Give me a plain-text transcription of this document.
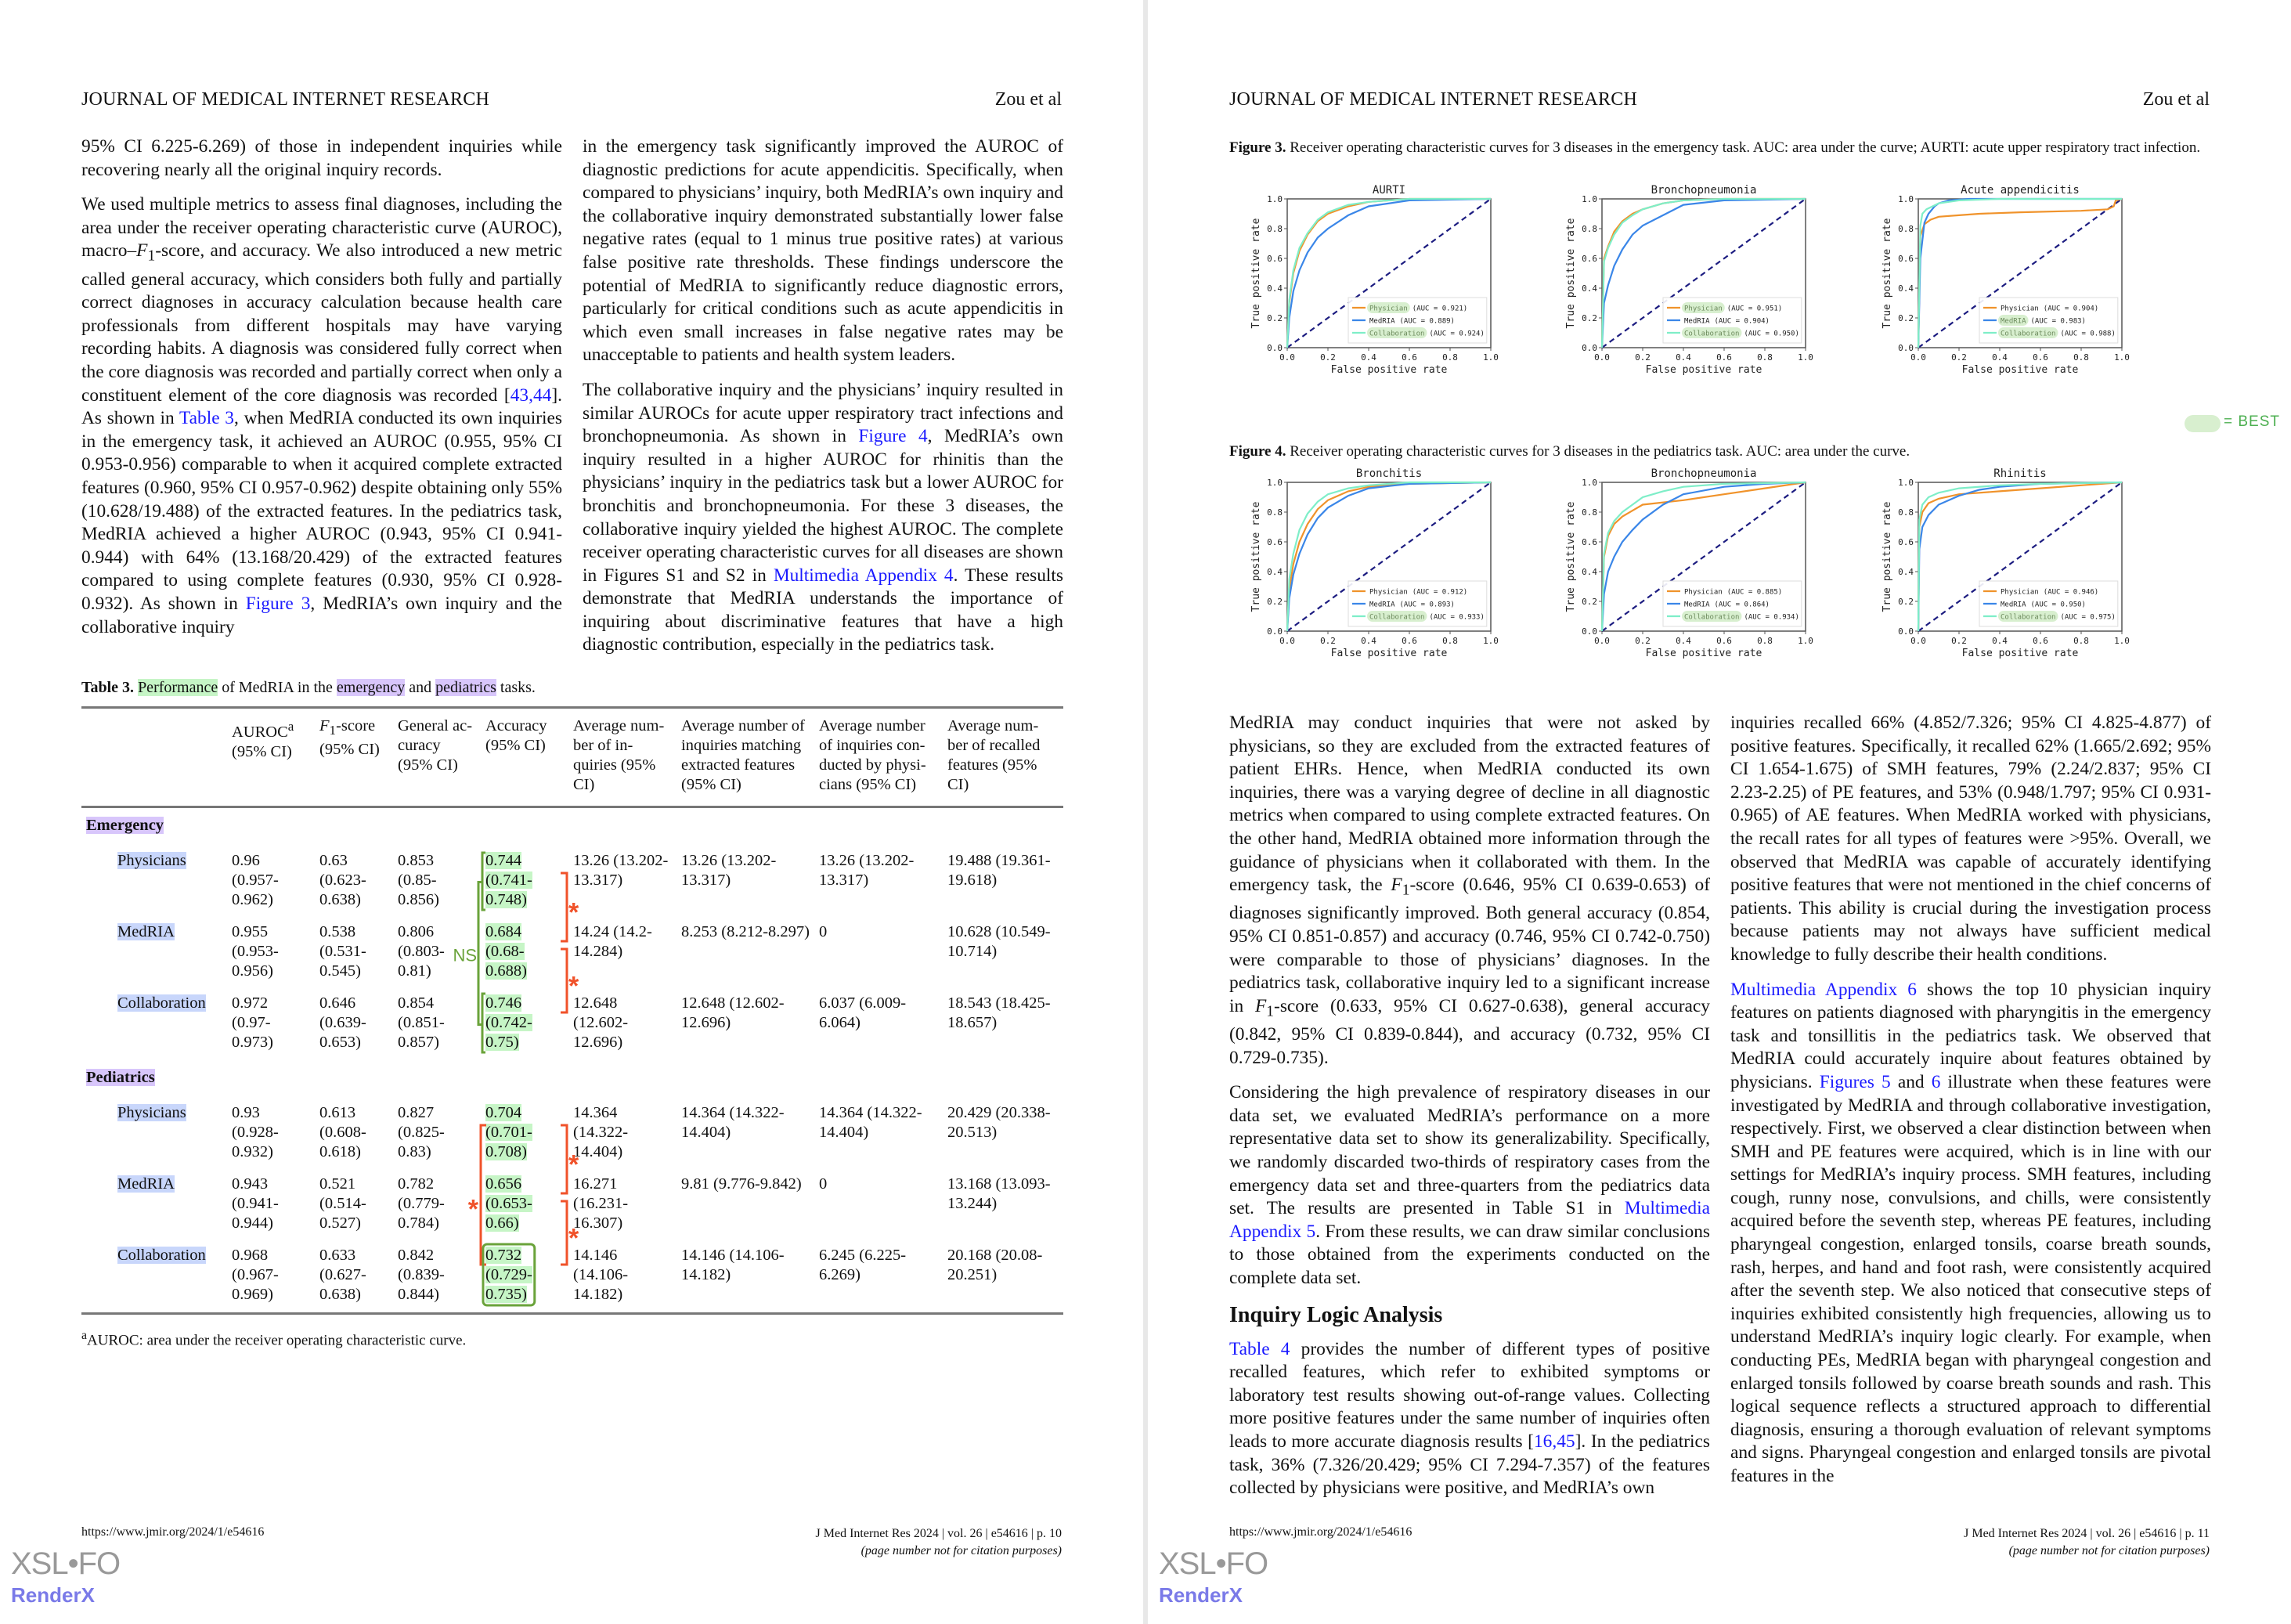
JOURNAL OF MEDICAL INTERNET RESEARCH	Zou et al

95% CI 6.225-6.269) of those in independent inquiries while recovering nearly all the original inquiry records.

We used multiple metrics to assess final diagnoses, including the area under the receiver operating characteristic curve (AUROC), macro–$F_1$-score, and accuracy. We also introduced a new metric called general accuracy, which considers both fully and partially correct diagnoses in accuracy calculation because health care professionals from different hospitals may have varying recording habits. A diagnosis was considered fully correct when the core diagnosis was recorded and partially correct when only a constituent element of the core diagnosis was recorded [43,44]. As shown in Table 3, when MedRIA conducted its own inquiries in the emergency task, it achieved an AUROC (0.955, 95% CI 0.953-0.956) comparable to when it acquired complete extracted features (0.960, 95% CI 0.957-0.962) despite obtaining only 55% (10.628/19.488) of the extracted features. In the pediatrics task, MedRIA achieved a higher AUROC (0.943, 95% CI 0.941-0.944) with 64% (13.168/20.429) of the extracted features compared to using complete features (0.930, 95% CI 0.928-0.932). As shown in Figure 3, MedRIA’s own inquiry and the collaborative inquiry

in the emergency task significantly improved the AUROC of diagnostic predictions for acute appendicitis. Specifically, when compared to physicians’ inquiry, both MedRIA’s own inquiry and the collaborative inquiry demonstrated substantially lower false negative rates (equal to 1 minus true positive rates) at various false positive rate thresholds. These findings underscore the potential of MedRIA to significantly reduce diagnostic errors, particularly for critical conditions such as acute appendicitis in which even small increases in false negative rates may be unacceptable to patients and health system leaders.

The collaborative inquiry and the physicians’ inquiry resulted in similar AUROCs for acute upper respiratory tract infections and bronchopneumonia. As shown in Figure 4, MedRIA’s own inquiry resulted in a higher AUROC for rhinitis than the physicians’ inquiry in the pediatrics task but a lower AUROC for bronchitis and bronchopneumonia. For these 3 diseases, the collaborative inquiry yielded the highest AUROC. The complete receiver operating characteristic curves for all diseases are shown in Figures S1 and S2 in Multimedia Appendix 4. These results demonstrate that MedRIA understands the importance of inquiring about discriminative features that have a high diagnostic contribution, especially in the pediatrics task.

Table 3. Performance of MedRIA in the emergency and pediatrics tasks.
	AUROC$^a$
(95% CI)	$F_1$-score (95% CI)	General ac-curacy (95% CI)	Accuracy (95% CI)	Average num-ber of in-quiries (95% CI)	Average number of inquiries matching extracted features (95% CI)	Average number of inquiries con-ducted by physi-cians (95% CI)	Average num-ber of recalled features (95% CI)
Emergency								
Physicians	0.96 (0.957-0.962)	0.63 (0.623-0.638)	0.853 (0.85-0.856)	0.744 (0.741-0.748)	13.26 (13.202-13.317)	13.26 (13.202-13.317)	13.26 (13.202-13.317)	19.488 (19.361-19.618)
MedRIA	0.955 (0.953-0.956)	0.538 (0.531-0.545)	0.806 (0.803-0.81)	0.684 (0.68-0.688)	14.24 (14.2-14.284)	8.253 (8.212-8.297)	0	10.628 (10.549-10.714)
Collaboration	0.972 (0.97-0.973)	0.646 (0.639-0.653)	0.854 (0.851-0.857)	0.746 (0.742-0.75)	12.648 (12.602-12.696)	12.648 (12.602-12.696)	6.037 (6.009-6.064)	18.543 (18.425-18.657)
Pediatrics								
Physicians	0.93 (0.928-0.932)	0.613 (0.608-0.618)	0.827 (0.825-0.83)	0.704 (0.701-0.708)	14.364 (14.322-14.404)	14.364 (14.322-14.404)	14.364 (14.322-14.404)	20.429 (20.338-20.513)
MedRIA	0.943 (0.941-0.944)	0.521 (0.514-0.527)	0.782 (0.779-0.784)	0.656 (0.653-0.66)	16.271 (16.231-16.307)	9.81 (9.776-9.842)	0	13.168 (13.093-13.244)
Collaboration	0.968 (0.967-0.969)	0.633 (0.627-0.638)	0.842 (0.839-0.844)	0.732 (0.729-0.735)	14.146 (14.106-14.182)	14.146 (14.106-14.182)	6.245 (6.225-6.269)	20.168 (20.08-20.251)
$^a$AUROC: area under the receiver operating characteristic curve.
NS
*
*
*
*
*
https://www.jmir.org/2024/1/e54616	J Med Internet Res 2024 | vol. 26 | e54616 | p. 10
(page number not for citation purposes)
XSL•FO
RenderX
JOURNAL OF MEDICAL INTERNET RESEARCH	Zou et al
Figure 3. Receiver operating characteristic curves for 3 diseases in the emergency task. AUC: area under the curve; AURTI: acute upper respiratory tract infection.
Figure 4. Receiver operating characteristic curves for 3 diseases in the pediatrics task. AUC: area under the curve.

MedRIA may conduct inquiries that were not asked by physicians, so they are excluded from the extracted features of patient EHRs. Hence, when MedRIA conducted its own inquiries, there was a varying degree of decline in all diagnostic metrics when compared to using complete extracted features. On the other hand, MedRIA obtained more information through the guidance of physicians when it collaborated with them. In the emergency task, the $F_1$-score (0.646, 95% CI 0.639-0.653) of diagnoses significantly improved. Both general accuracy (0.854, 95% CI 0.851-0.857) and accuracy (0.746, 95% CI 0.742-0.750) were comparable to those of physicians’ diagnoses. In the pediatrics task, collaborative inquiry led to a significant increase in $F_1$-score (0.633, 95% CI 0.627-0.638), general accuracy (0.842, 95% CI 0.839-0.844), and accuracy (0.732, 95% CI 0.729-0.735).

Considering the high prevalence of respiratory diseases in our data set, we evaluated MedRIA’s performance on a more representative data set to show its generalizability. Specifically, we randomly discarded two-thirds of respiratory cases from the emergency data set and three-quarters from the pediatrics data set. The results are presented in Table S1 in Multimedia Appendix 5. From these results, we can draw similar conclusions to those obtained from the experiments conducted on the complete data set.

Inquiry Logic Analysis

Table 4 provides the number of different types of positive recalled features, which refer to exhibited symptoms or laboratory test results showing out-of-range values. Collecting more positive features under the same number of inquiries often leads to more accurate diagnosis results [16,45]. In the pediatrics task, 36% (7.326/20.429; 95% CI 7.294-7.357) of the features collected by physicians were positive, and MedRIA’s own

inquiries recalled 66% (4.852/7.326; 95% CI 4.825-4.877) of positive features. Specifically, it recalled 62% (1.665/2.692; 95% CI 1.654-1.675) of SMH features, 79% (2.24/2.837; 95% CI 2.23-2.25) of PE features, and 53% (0.948/1.797; 95% CI 0.931-0.965) of AE features. When MedRIA worked with physicians, the recall rates for all types of features were >95%. Overall, we observed that MedRIA was capable of accurately identifying positive features that were not mentioned in the chief concerns of patients. This ability is crucial during the investigation process because patients may not always have sufficient medical knowledge to fully describe their health conditions.

Multimedia Appendix 6 shows the top 10 physician inquiry features on patients diagnosed with pharyngitis in the emergency task and tonsillitis in the pediatrics task. We observed that MedRIA could accurately inquire about features obtained by physicians. Figures 5 and 6 illustrate when these features were investigated by MedRIA and through collaborative investigation, respectively. First, we observed a clear distinction between when SMH and PE features were acquired, which is in line with our settings for MedRIA’s inquiry process. SMH features, including cough, runny nose, convulsions, and chills, were consistently acquired before the seventh step, whereas PE features, including pharyngeal congestion, enlarged tonsils, coarse breath sounds, rash, herpes, and hand and foot rash, were consistently acquired after the seventh step. We also noticed that consecutive steps of inquiries exhibited consistently high frequencies, allowing us to understand MedRIA’s inquiry logic clearly. For example, when conducting PEs, MedRIA began with pharyngeal congestion and enlarged tonsils followed by coarse breath sounds and rash. This logical sequence reflects a structured approach to differential diagnosis, ensuring a thorough evaluation of relevant symptoms and signs. Pharyngeal congestion and enlarged tonsils are pivotal features in the

https://www.jmir.org/2024/1/e54616	J Med Internet Res 2024 | vol. 26 | e54616 | p. 11
(page number not for citation purposes)
XSL•FO
RenderX
= BEST
AURTI
0.0
0.0
0.2
0.2
0.4
0.4
0.6
0.6
0.8
0.8
1.0
1.0
False positive rate
True positive rate	Physician (AUC = 0.921)
MedRIA (AUC = 0.889)
Collaboration (AUC = 0.924)
Bronchopneumonia
0.0
0.0
0.2
0.2
0.4
0.4
0.6
0.6
0.8
0.8
1.0
1.0
False positive rate
True positive rate	Physician (AUC = 0.951)
MedRIA (AUC = 0.904)
Collaboration (AUC = 0.950)
Acute appendicitis
0.0
0.0
0.2
0.2
0.4
0.4
0.6
0.6
0.8
0.8
1.0
1.0
False positive rate
True positive rate	Physician (AUC = 0.904)
MedRIA (AUC = 0.983)
Collaboration (AUC = 0.988)
Bronchitis
0.0
0.0
0.2
0.2
0.4
0.4
0.6
0.6
0.8
0.8
1.0
1.0
False positive rate
True positive rate	Physician (AUC = 0.912)
MedRIA (AUC = 0.893)
Collaboration (AUC = 0.933)
Bronchopneumonia
0.0
0.0
0.2
0.2
0.4
0.4
0.6
0.6
0.8
0.8
1.0
1.0
False positive rate
True positive rate	Physician (AUC = 0.885)
MedRIA (AUC = 0.864)
Collaboration (AUC = 0.934)
Rhinitis
0.0
0.0
0.2
0.2
0.4
0.4
0.6
0.6
0.8
0.8
1.0
1.0
False positive rate
True positive rate	Physician (AUC = 0.946)
MedRIA (AUC = 0.950)
Collaboration (AUC = 0.975)
